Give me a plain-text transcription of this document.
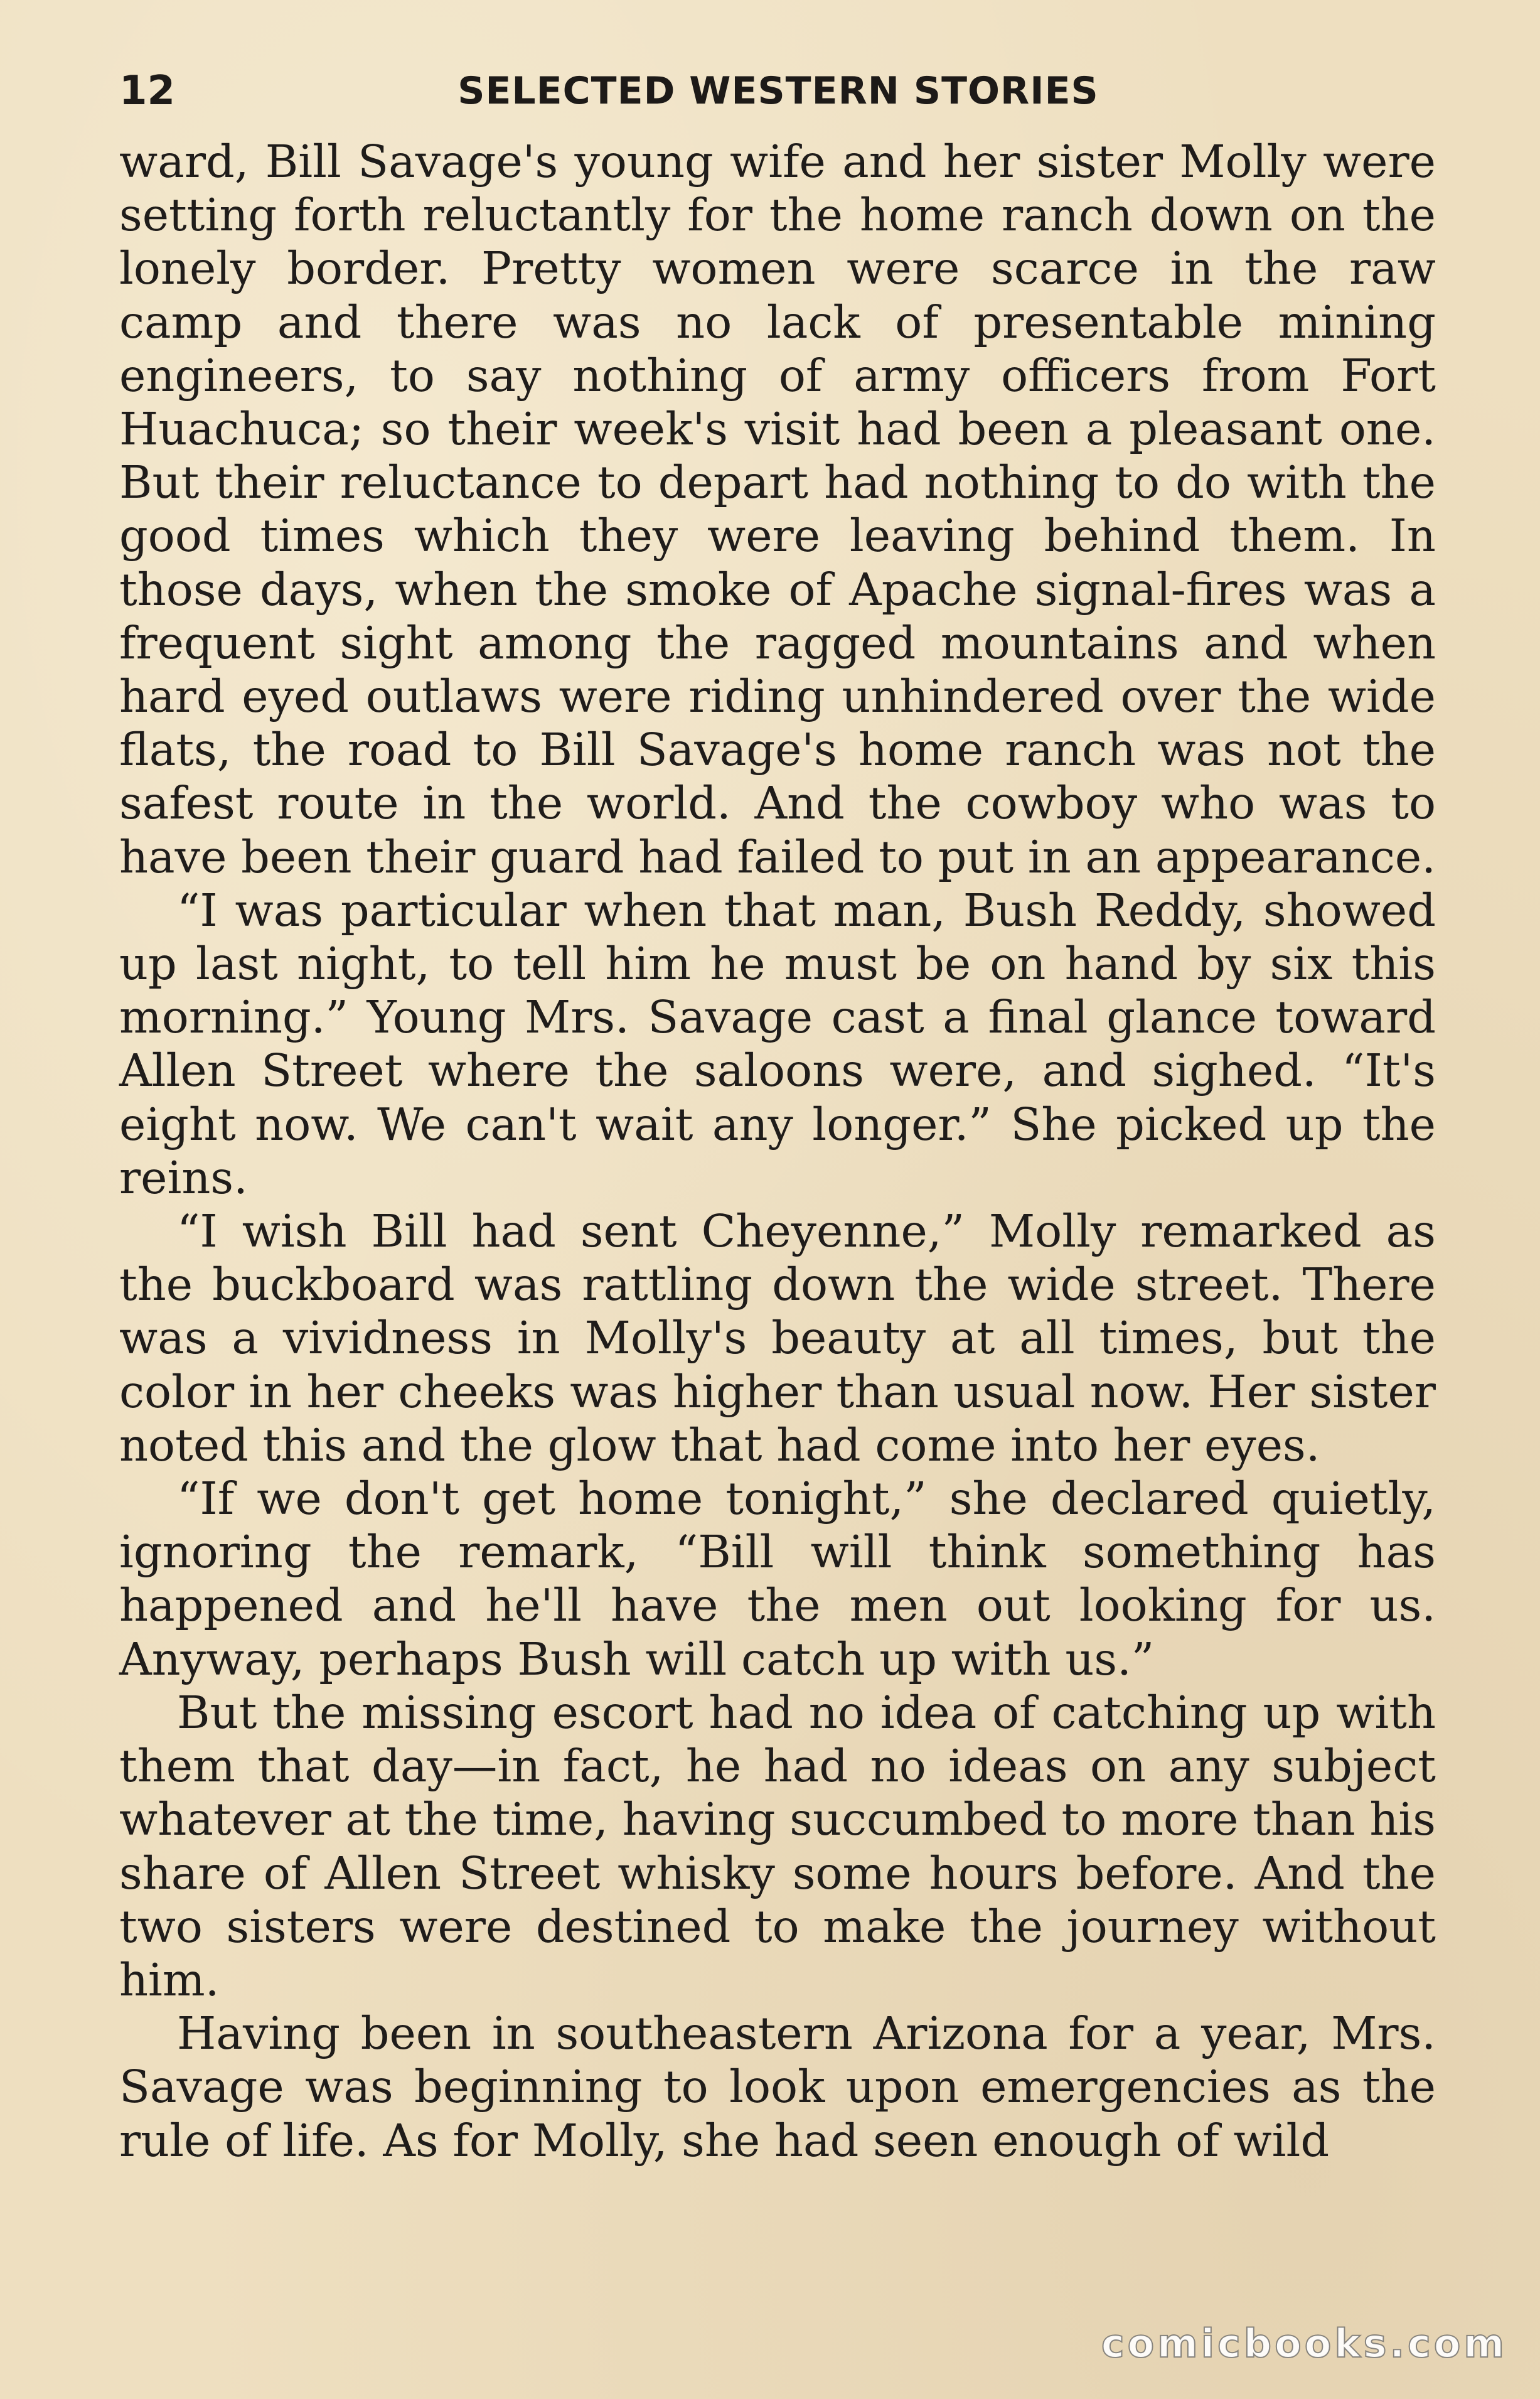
12	SELECTED WESTERN STORIES

ward, Bill Savage's young wife and her sister Molly were setting forth reluctantly for the home ranch down on the lonely border. Pretty women were scarce in the raw camp and there was no lack of presentable mining engineers, to say nothing of army officers from Fort Huachuca; so their week's visit had been a pleasant one. But their reluctance to depart had nothing to do with the good times which they were leaving behind them. In those days, when the smoke of Apache signal-fires was a frequent sight among the ragged mountains and when hard eyed outlaws were riding unhindered over the wide flats, the road to Bill Savage's home ranch was not the safest route in the world. And the cowboy who was to have been their guard had failed to put in an appearance.

“I was particular when that man, Bush Reddy, showed up last night, to tell him he must be on hand by six this morning.” Young Mrs. Savage cast a final glance toward Allen Street where the saloons were, and sighed. “It's eight now. We can't wait any longer.” She picked up the reins.

“I wish Bill had sent Cheyenne,” Molly remarked as the buckboard was rattling down the wide street. There was a vividness in Molly's beauty at all times, but the color in her cheeks was higher than usual now. Her sister noted this and the glow that had come into her eyes.

“If we don't get home tonight,” she declared quietly, ignoring the remark, “Bill will think something has happened and he'll have the men out looking for us. Anyway, perhaps Bush will catch up with us.”

But the missing escort had no idea of catching up with them that day—in fact, he had no ideas on any subject whatever at the time, having succumbed to more than his share of Allen Street whisky some hours before. And the two sisters were destined to make the journey without him.

Having been in southeastern Arizona for a year, Mrs. Savage was beginning to look upon emergencies as the rule of life. As for Molly, she had seen enough of wild

comicbooks.com
